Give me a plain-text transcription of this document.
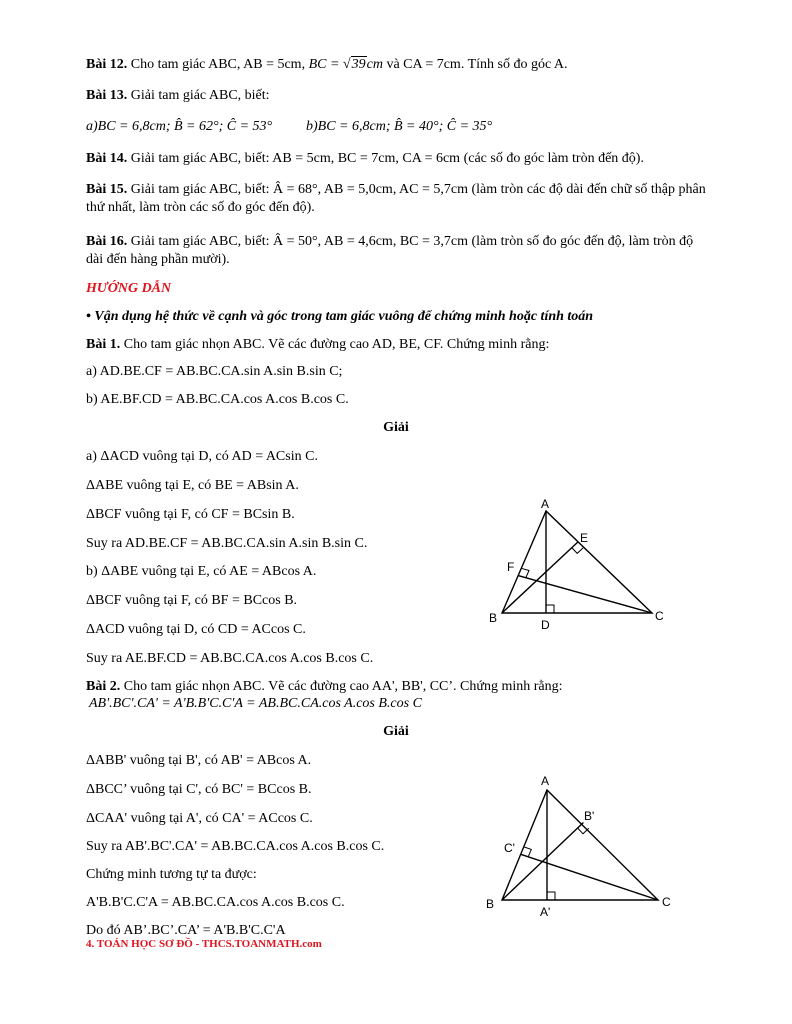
Bài 12. Cho tam giác ABC, AB = 5cm, BC = √39cm và CA = 7cm. Tính số đo góc A.

Bài 13. Giải tam giác ABC, biết:

a)BC = 6,8cm; B̂ = 62°; Ĉ = 53° b)BC = 6,8cm; B̂ = 40°; Ĉ = 35°

Bài 14. Giải tam giác ABC, biết: AB = 5cm, BC = 7cm, CA = 6cm (các số đo góc làm tròn đến độ).

Bài 15. Giải tam giác ABC, biết: Â = 68°, AB = 5,0cm, AC = 5,7cm (làm tròn các độ dài đến chữ số thập phân thứ nhất, làm tròn các số đo góc đến độ).

Bài 16. Giải tam giác ABC, biết: Â = 50°, AB = 4,6cm, BC = 3,7cm (làm tròn số đo góc đến độ, làm tròn độ dài đến hàng phần mười).

HƯỚNG DẪN

• Vận dụng hệ thức về cạnh và góc trong tam giác vuông để chứng minh hoặc tính toán

Bài 1. Cho tam giác nhọn ABC. Vẽ các đường cao AD, BE, CF. Chứng minh rằng:

a) AD.BE.CF = AB.BC.CA.sin A.sin B.sin C;

b) AE.BF.CD = AB.BC.CA.cos A.cos B.cos C.

Giải

a) ΔACD vuông tại D, có AD = ACsin C.

ΔABE vuông tại E, có BE = ABsin A.

ΔBCF vuông tại F, có CF = BCsin B.

Suy ra AD.BE.CF = AB.BC.CA.sin A.sin B.sin C.

b) ΔABE vuông tại E, có AE = ABcos A.

ΔBCF vuông tại F, có BF = BCcos B.

ΔACD vuông tại D, có CD = ACcos C.

Suy ra AE.BF.CD = AB.BC.CA.cos A.cos B.cos C.

A
B	C
D
E
F

Bài 2. Cho tam giác nhọn ABC. Vẽ các đường cao AA', BB', CC’. Chứng minh rằng:

AB'.BC'.CA' = A'B.B'C.C'A = AB.BC.CA.cos A.cos B.cos C

Giải

ΔABB' vuông tại B', có AB' = ABcos A.

ΔBCC’ vuông tại C', có BC' = BCcos B.

ΔCAA' vuông tại A', có CA' = ACcos C.

Suy ra AB'.BC'.CA' = AB.BC.CA.cos A.cos B.cos C.

Chứng minh tương tự ta được:

A'B.B'C.C'A = AB.BC.CA.cos A.cos B.cos C.

Do đó AB’.BC’.CA’ = A'B.B'C.C'A

A
B	C
A'
B'
C'
4. TOÁN HỌC SƠ ĐỒ - THCS.TOANMATH.com
